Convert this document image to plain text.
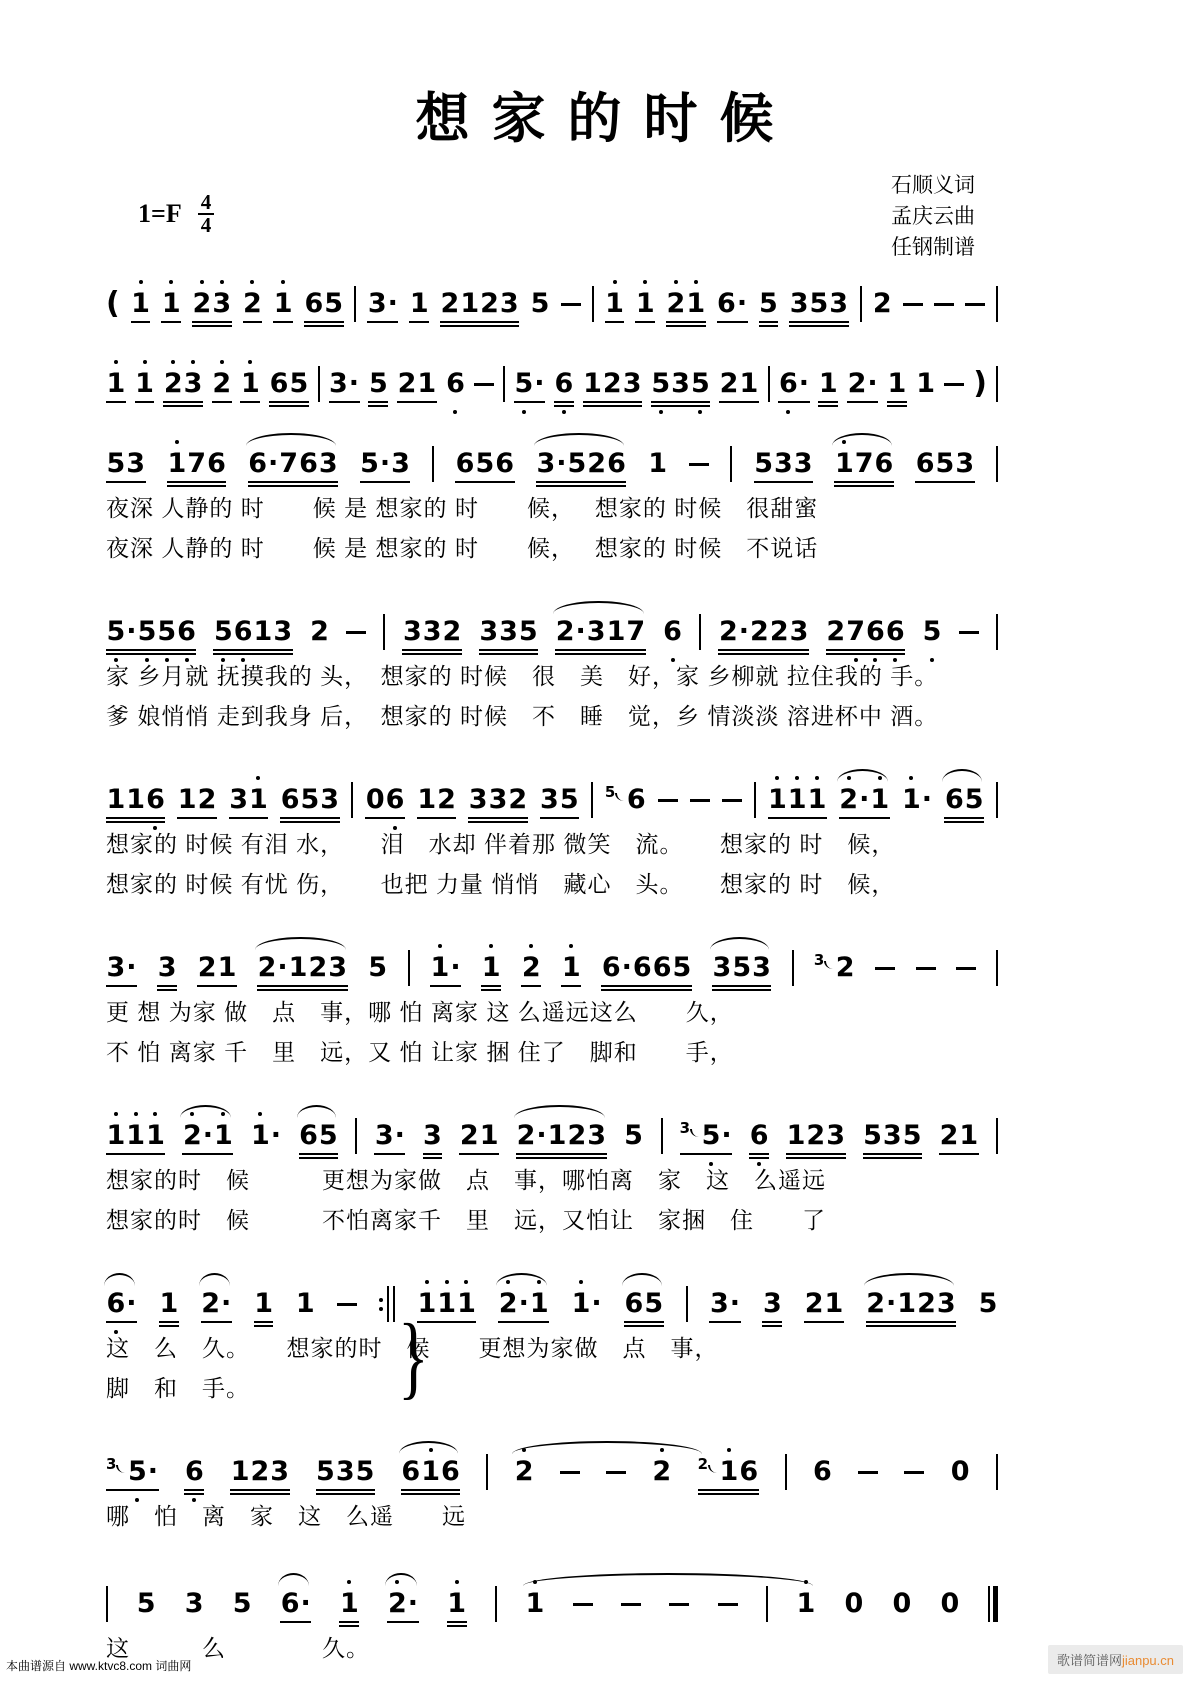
想家的时候
石顺义词
孟庆云曲
任钢制谱
$1=F \frac{4}{4}$
( 1 1 2 3 2 1 6 5 3 · 1 2 1 2 3 5 1 1 2 1 6 · 5 3 5 3 2
1 1 2 3 2 1 6 5 3 · 5 2 1 6 5 · 6 1 2 3 5 3 5 2 1 6 · 1 2 · 1 1 )
5 3 1 7 6 6 · 7 6 3 5 · 3 6 5 6 3 · 5 2 6 1	5 3 3 1 7 6 6 5 3
夜深 人静的 时　　候 是 想家的 时　　候，　 想家的 时候　很甜蜜
夜深 人静的 时　　候 是 想家的 时　　候，　 想家的 时候　不说话
5 · 5 5 6 5 6 1 3 2	3 3 2 3 3 5 2 · 3 1 7 6 2 · 2 2 3 2 7 6 6 5
家 乡月就 抚摸我的 头，　想家的 时候　很　美　好，家 乡柳就 拉住我的 手。
爹 娘悄悄 走到我身 后，　想家的 时候　不　睡　觉，乡 情淡淡 溶进杯中 酒。
1 1 6 1 2 3 1 6 5 3 0 6 1 2 3 3 2 3 5 5 6	1 1 1 2 · 1 1 · 6 5
想家的 时候 有泪 水，　　泪　水却 伴着那 微笑　流。　　想家的 时　候，
想家的 时候 有忧 伤，　　也把 力量 悄悄　藏心　头。　　想家的 时　候，
3 · 3 2 1 2 · 1 2 3 5 1 · 1 2 1 6 · 6 6 5 3 5 3	3 2
更 想 为家 做　点　事，哪 怕 离家 这 么遥远这么　　久，
不 怕 离家 千　里　远，又 怕 让家 捆 住了　脚和　　手，
1 1 1 2 · 1 1 · 6 5 3 · 3 2 1 2 · 1 2 3 5 3 5 · 6 1 2 3 5 3 5 2 1
想家的时　候　　　更想为家做　点　事，哪怕离　家　这　么遥远
想家的时　候　　　不怕离家千　里　远，又怕让　家捆　住　　了
6 · 1 2 · 1 1	1 1 1 2 · 1 1 · 6 5 3 · 3 2 1 2 · 1 2 3 5
这　么　久。　　想家的时　候　　更想为家做　点　事，
脚　和　手。	}
3 5 · 6 1 2 3 5 3 5 6 1 6 2	2 2 1 6 6	0
哪　怕　离　家　这　么遥　　远
5 3 5 6 · 1 2 · 1 1	1 0 0 0
这　　　么　　　　久。
本曲谱源自 www.ktvc8.com 词曲网	歌谱简谱网jianpu.cn
